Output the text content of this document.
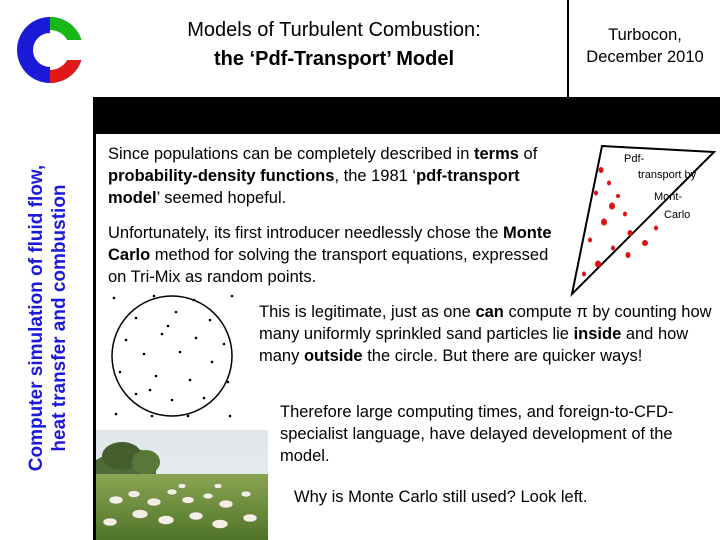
Models of Turbulent Combustion:
the ‘Pdf-Transport’ Model
Turbocon,
December 2010
Computer simulation of fluid flow, heat transfer and combustion
Since populations can be completely described in terms of probability-density functions, the 1981 ‘pdf-transport model’ seemed hopeful.
Unfortunately, its first introducer needlessly chose the Monte Carlo method for solving the transport equations, expressed on Tri-Mix as random points.
This is legitimate, just as one can compute π by counting how many uniformly sprinkled sand particles lie inside and how many outside the circle. But there are quicker ways!
Therefore large computing times, and foreign-to-CFD-specialist language, have delayed development of the model.
Why is Monte Carlo still used? Look left.
Pdf-
transport by
Mont-
Carlo
